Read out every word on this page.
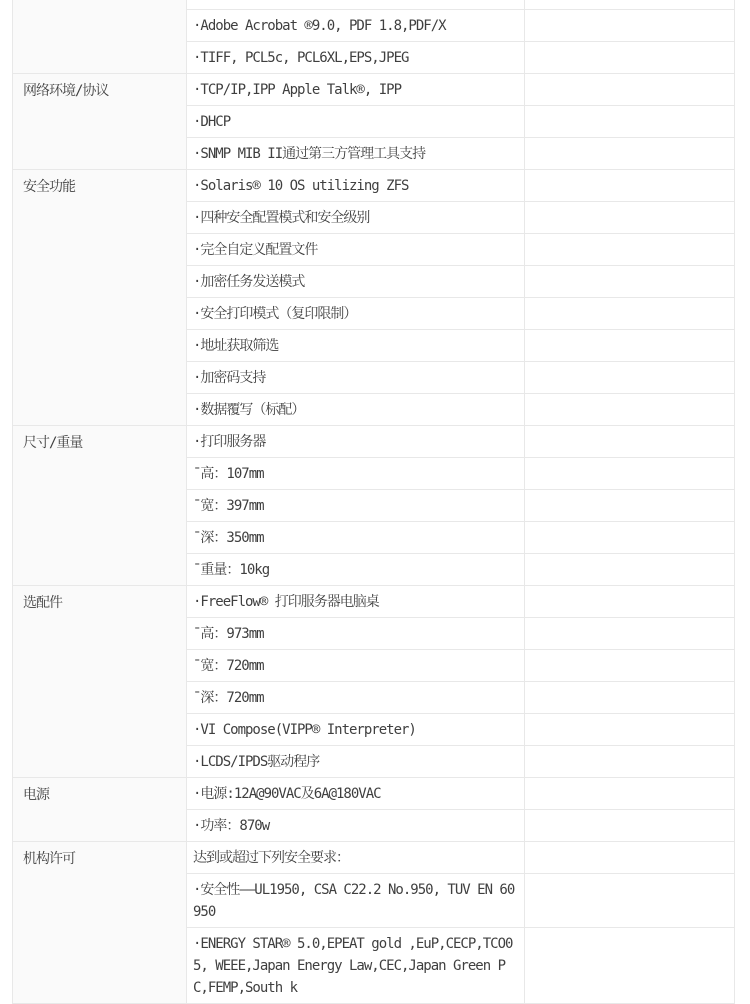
·Adobe Acrobat ®9.0, PDF 1.8,PDF/X
·TIFF, PCL5c, PCL6XL,EPS,JPEG
网络环境/协议	·TCP/IP,IPP Apple Talk®, IPP
·DHCP
·SNMP MIB II通过第三方管理工具支持
安全功能	·Solaris® 10 OS utilizing ZFS
·四种安全配置模式和安全级别
·完全自定义配置文件
·加密任务发送模式
·安全打印模式（复印限制）
·地址获取筛选
·加密码支持
·数据覆写（标配）
尺寸/重量	·打印服务器
ˉ高：107mm
ˉ宽：397mm
ˉ深：350mm
ˉ重量：10kg
选配件	·FreeFlow® 打印服务器电脑桌
ˉ高：973mm
ˉ宽：720mm
ˉ深：720mm
·VI Compose(VIPP® Interpreter)
·LCDS/IPDS驱动程序
电源	·电源:12A@90VAC及6A@180VAC
·功率：870w
机构许可	达到或超过下列安全要求：
·安全性——UL1950, CSA C22.2 No.950, TUV EN 60950
·ENERGY STAR® 5.0,EPEAT gold ,EuP,CECP,TCO05, WEEE,Japan Energy Law,CEC,Japan Green PC,FEMP,South k
